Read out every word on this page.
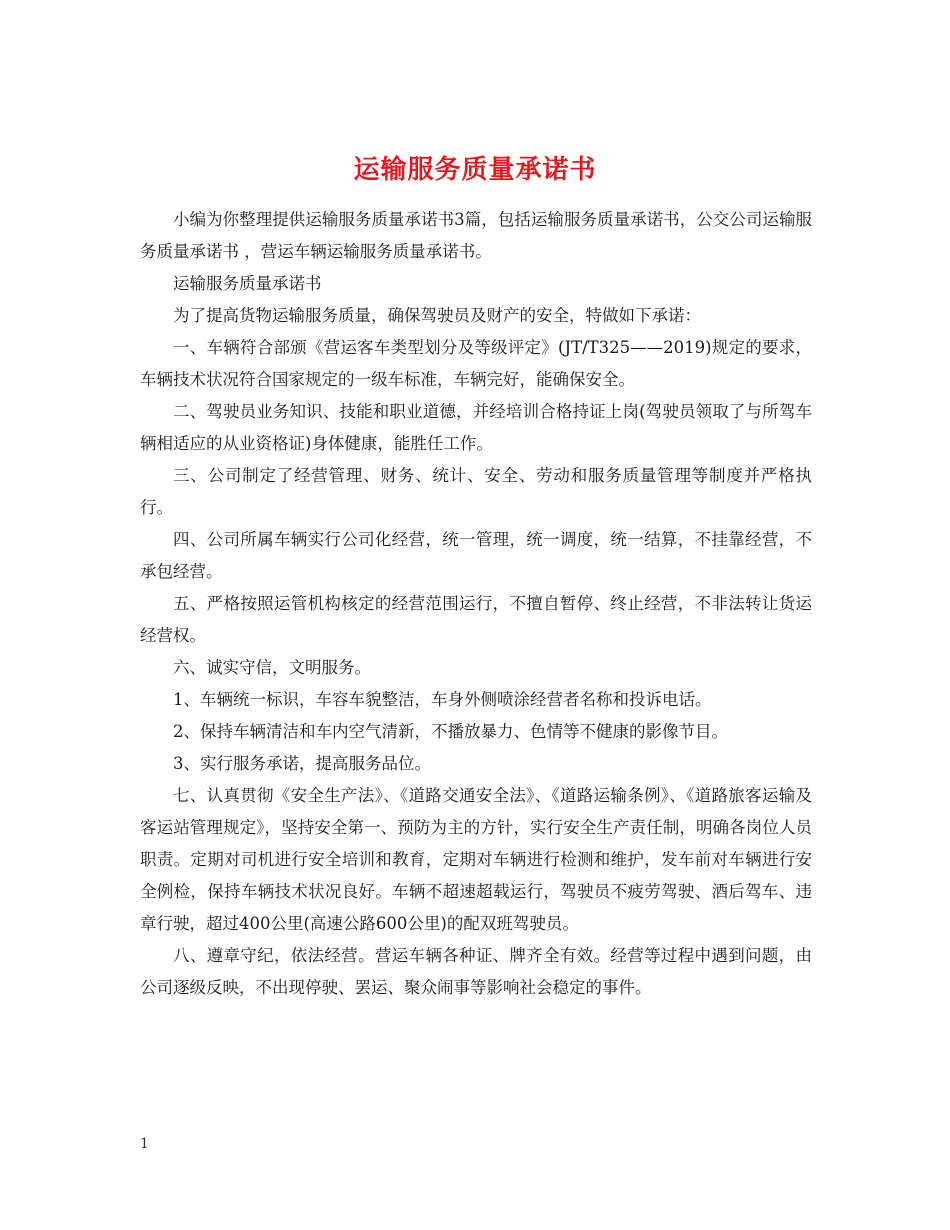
运输服务质量承诺书

小编为你整理提供运输服务质量承诺书3篇，包括运输服务质量承诺书，公交公司运输服务质量承诺书 ，营运车辆运输服务质量承诺书。

运输服务质量承诺书

为了提高货物运输服务质量，确保驾驶员及财产的安全，特做如下承诺：

一、车辆符合部颁《营运客车类型划分及等级评定》(JT/T325——2019)规定的要求，车辆技术状况符合国家规定的一级车标准，车辆完好，能确保安全。

二、驾驶员业务知识、技能和职业道德，并经培训合格持证上岗(驾驶员领取了与所驾车辆相适应的从业资格证)身体健康，能胜任工作。

三、公司制定了经营管理、财务、统计、安全、劳动和服务质量管理等制度并严格执行。

四、公司所属车辆实行公司化经营，统一管理，统一调度，统一结算，不挂靠经营，不承包经营。

五、严格按照运管机构核定的经营范围运行，不擅自暂停、终止经营，不非法转让货运经营权。

六、诚实守信，文明服务。

1、车辆统一标识，车容车貌整洁，车身外侧喷涂经营者名称和投诉电话。

2、保持车辆清洁和车内空气清新，不播放暴力、色情等不健康的影像节目。

3、实行服务承诺，提高服务品位。

七、认真贯彻《安全生产法》、《道路交通安全法》、《道路运输条例》、《道路旅客运输及客运站管理规定》，坚持安全第一、预防为主的方针，实行安全生产责任制，明确各岗位人员职责。定期对司机进行安全培训和教育，定期对车辆进行检测和维护，发车前对车辆进行安全例检，保持车辆技术状况良好。车辆不超速超载运行，驾驶员不疲劳驾驶、酒后驾车、违章行驶，超过400公里(高速公路600公里)的配双班驾驶员。

八、遵章守纪，依法经营。营运车辆各种证、牌齐全有效。经营等过程中遇到问题，由公司逐级反映，不出现停驶、罢运、聚众闹事等影响社会稳定的事件。

1
